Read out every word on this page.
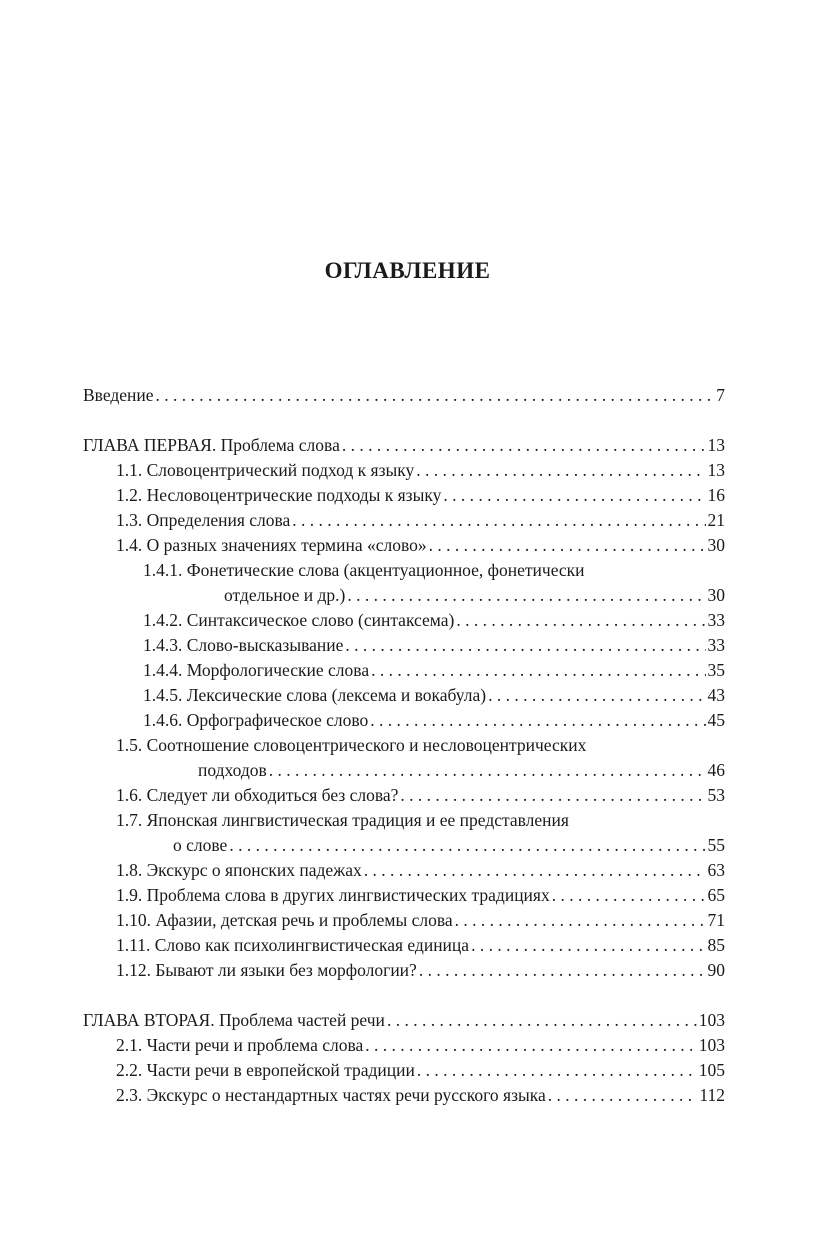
ОГЛАВЛЕНИЕ
Введение . . .	7
ГЛАВА ПЕРВАЯ. Проблема слова . . .	13
1.1. Словоцентрический подход к языку . . .	13
1.2. Несловоцентрические подходы к языку . . .	16
1.3. Определения слова . . .	21
1.4. О разных значениях термина «слово» . . .	30
1.4.1. Фонетические слова (акцентуационное, фонетически
отдельное и др.) . . .	30
1.4.2. Синтаксическое слово (синтаксема) . . .	33
1.4.3. Слово-высказывание . . .	33
1.4.4. Морфологические слова . . .	35
1.4.5. Лексические слова (лексема и вокабула) . . .	43
1.4.6. Орфографическое слово . . .	45
1.5. Соотношение словоцентрического и несловоцентрических
подходов . . .	46
1.6. Следует ли обходиться без слова? . . .	53
1.7. Японская лингвистическая традиция и ее представления
о слове . . .	55
1.8. Экскурс о японских падежах . . .	63
1.9. Проблема слова в других лингвистических традициях . . .	65
1.10. Афазии, детская речь и проблемы слова . . .	71
1.11. Слово как психолингвистическая единица . . .	85
1.12. Бывают ли языки без морфологии? . . .	90
ГЛАВА ВТОРАЯ. Проблема частей речи . . .	103
2.1. Части речи и проблема слова . . .	103
2.2. Части речи в европейской традиции . . .	105
2.3. Экскурс о нестандартных частях речи русского языка . . .	112
